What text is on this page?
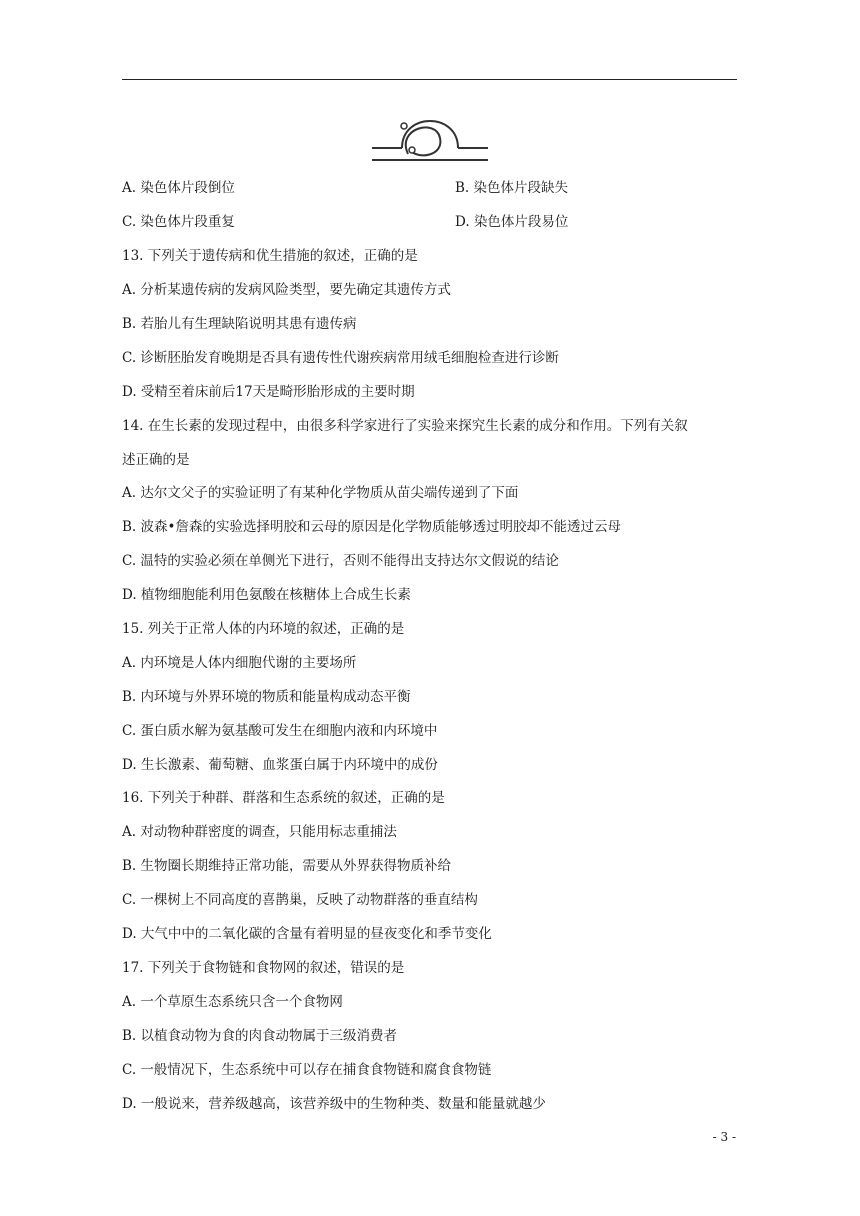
A. 染色体片段倒位	B. 染色体片段缺失
C. 染色体片段重复	D. 染色体片段易位
13. 下列关于遗传病和优生措施的叙述，正确的是
A. 分析某遗传病的发病风险类型，要先确定其遗传方式
B. 若胎儿有生理缺陷说明其患有遗传病
C. 诊断胚胎发育晚期是否具有遗传性代谢疾病常用绒毛细胞检查进行诊断
D. 受精至着床前后17天是畸形胎形成的主要时期
14. 在生长素的发现过程中，由很多科学家进行了实验来探究生长素的成分和作用。下列有关叙
述正确的是
A. 达尔文父子的实验证明了有某种化学物质从苗尖端传递到了下面
B. 波森•詹森的实验选择明胶和云母的原因是化学物质能够透过明胶却不能透过云母
C. 温特的实验必须在单侧光下进行，否则不能得出支持达尔文假说的结论
D. 植物细胞能利用色氨酸在核糖体上合成生长素
15. 列关于正常人体的内环境的叙述，正确的是
A. 内环境是人体内细胞代谢的主要场所
B. 内环境与外界环境的物质和能量构成动态平衡
C. 蛋白质水解为氨基酸可发生在细胞内液和内环境中
D. 生长激素、葡萄糖、血浆蛋白属于内环境中的成份
16. 下列关于种群、群落和生态系统的叙述，正确的是
A. 对动物种群密度的调查，只能用标志重捕法
B. 生物圈长期维持正常功能，需要从外界获得物质补给
C. 一棵树上不同高度的喜鹊巢，反映了动物群落的垂直结构
D. 大气中中的二氧化碳的含量有着明显的昼夜变化和季节变化
17. 下列关于食物链和食物网的叙述，错误的是
A. 一个草原生态系统只含一个食物网
B. 以植食动物为食的肉食动物属于三级消费者
C. 一般情况下，生态系统中可以存在捕食食物链和腐食食物链
D. 一般说来，营养级越高，该营养级中的生物种类、数量和能量就越少
- 3 -
